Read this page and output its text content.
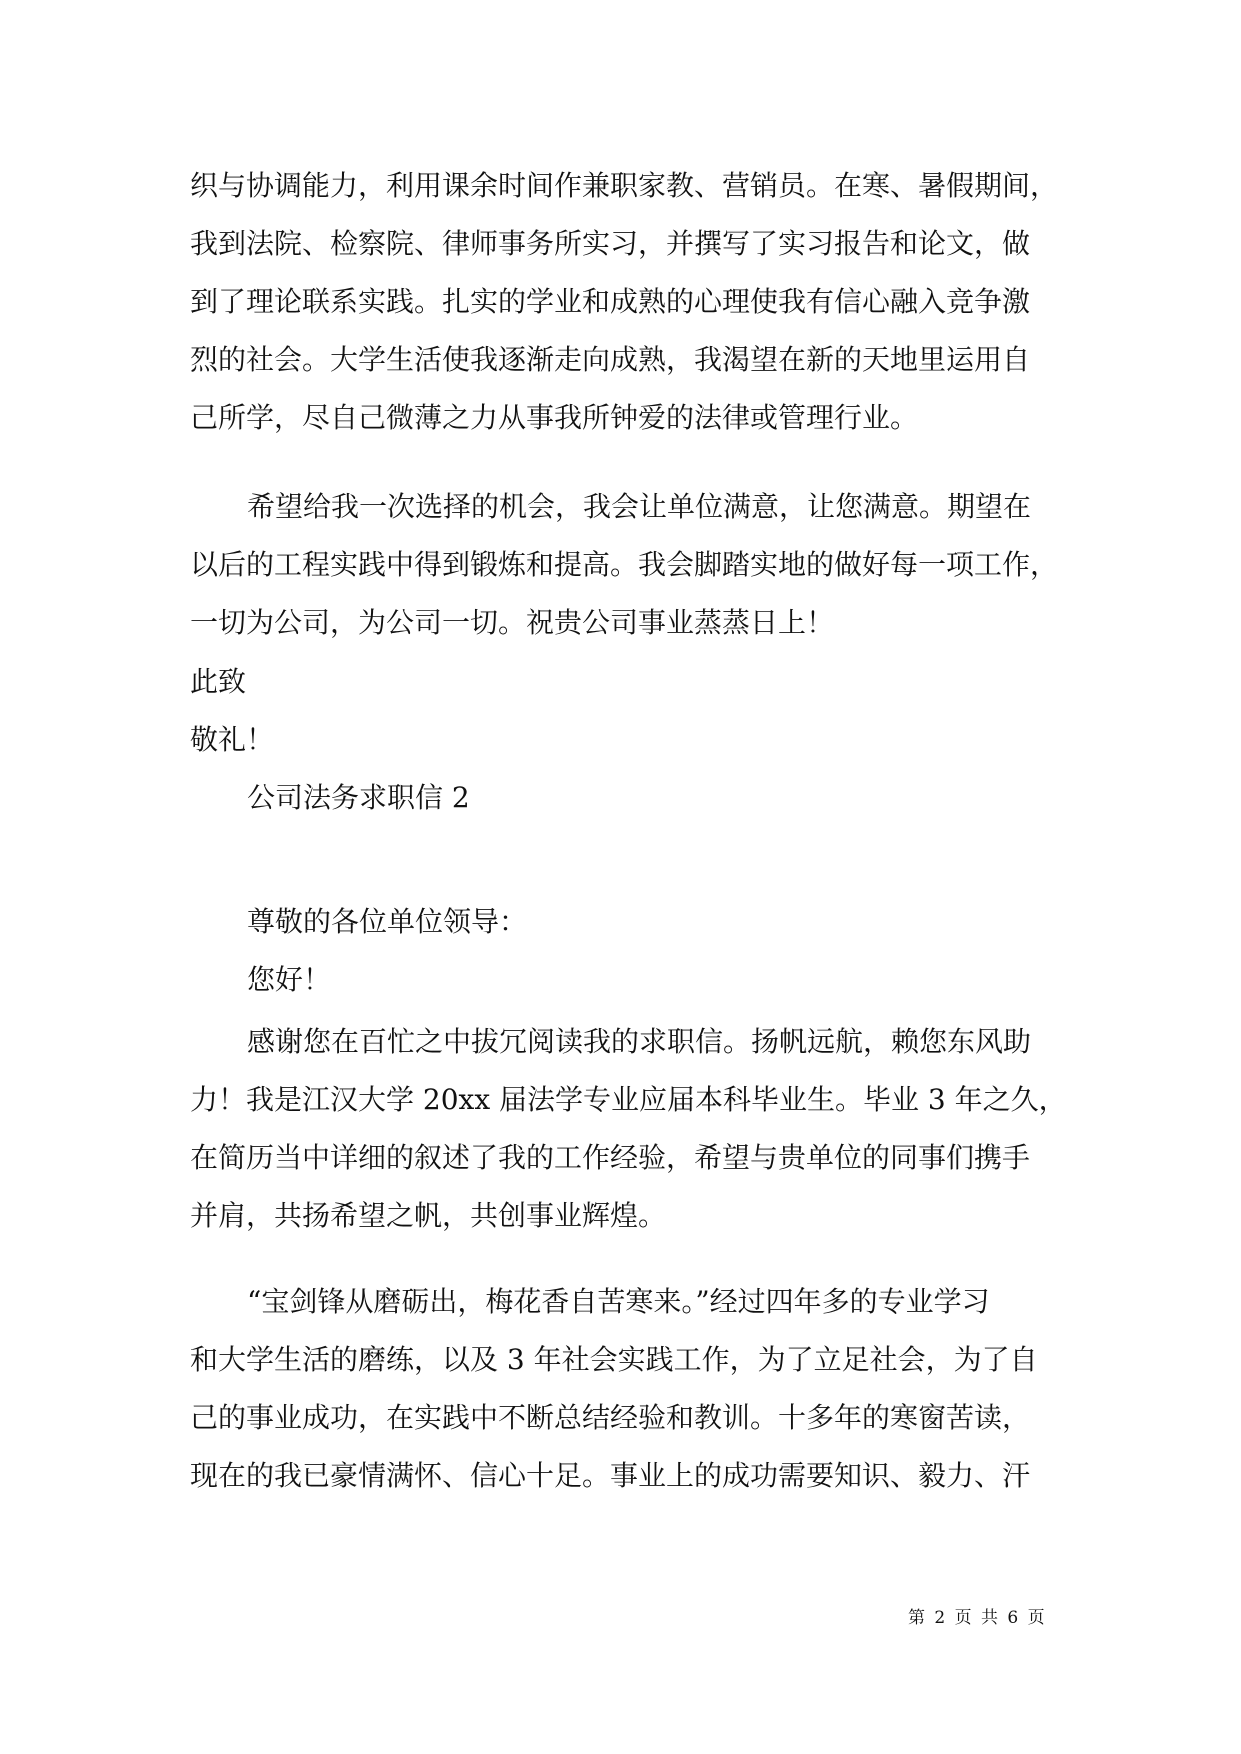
织与协调能力，利用课余时间作兼职家教、营销员。在寒、暑假期间，
我到法院、检察院、律师事务所实习，并撰写了实习报告和论文，做
到了理论联系实践。扎实的学业和成熟的心理使我有信心融入竞争激
烈的社会。大学生活使我逐渐走向成熟，我渴望在新的天地里运用自
己所学，尽自己微薄之力从事我所钟爱的法律或管理行业。
希望给我一次选择的机会，我会让单位满意，让您满意。期望在
以后的工程实践中得到锻炼和提高。我会脚踏实地的做好每一项工作，
一切为公司，为公司一切。祝贵公司事业蒸蒸日上！
此致
敬礼！
公司法务求职信 2
尊敬的各位单位领导：
您好！
感谢您在百忙之中拔冗阅读我的求职信。扬帆远航，赖您东风助
力！我是江汉大学 20xx 届法学专业应届本科毕业生。毕业 3 年之久，
在简历当中详细的叙述了我的工作经验，希望与贵单位的同事们携手
并肩，共扬希望之帆，共创事业辉煌。
“宝剑锋从磨砺出，梅花香自苦寒来。”经过四年多的专业学习
和大学生活的磨练，以及 3 年社会实践工作，为了立足社会，为了自
己的事业成功，在实践中不断总结经验和教训。十多年的寒窗苦读，
现在的我已豪情满怀、信心十足。事业上的成功需要知识、毅力、汗
第 2 页 共 6 页
